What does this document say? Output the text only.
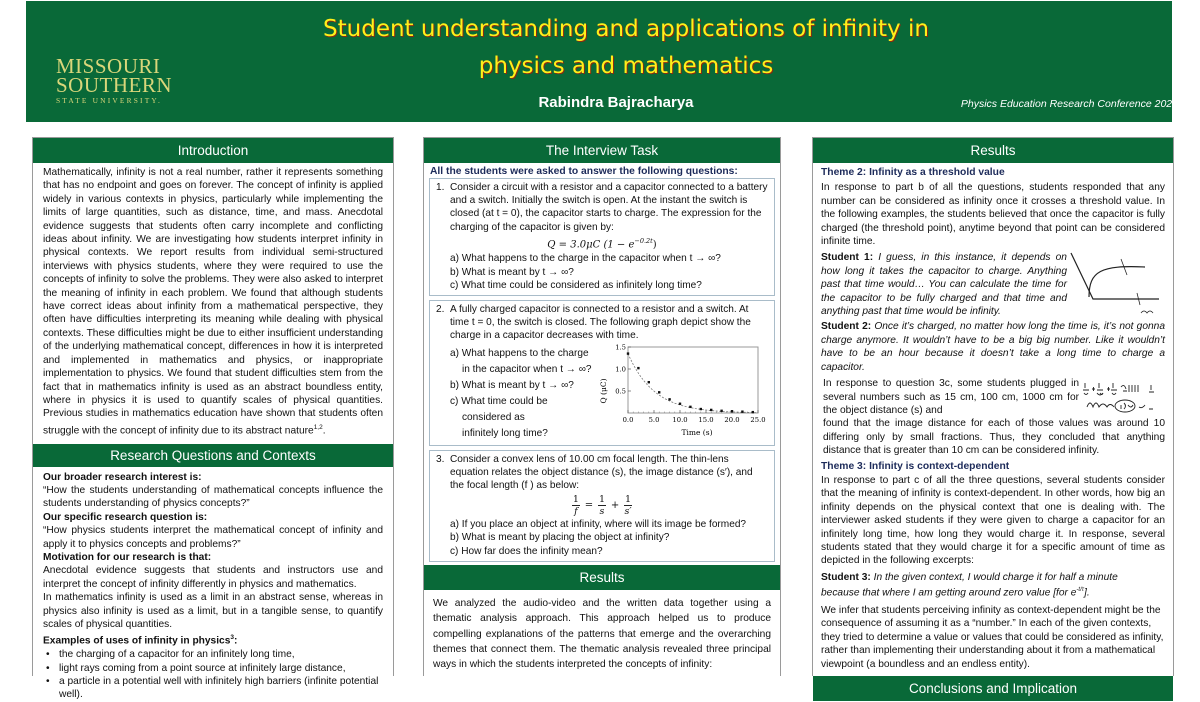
MISSOURI
SOUTHERN
STATE UNIVERSITY.
Student understanding and applications of infinity in
physics and mathematics
Rabindra Bajracharya	Physics Education Research Conference 2021
Introduction
Mathematically, infinity is not a real number, rather it represents something that has no endpoint and goes on forever. The concept of infinity is applied widely in various contexts in physics, particularly while implementing the limits of large quantities, such as distance, time, and mass. Anecdotal evidence suggests that students often carry incomplete and conflicting ideas about infinity. We are investigating how students interpret infinity in physical contexts. We report results from individual semi-structured interviews with physics students, where they were required to use the concepts of infinity to solve the problems. They were also asked to interpret the meaning of infinity in each problem. We found that although students have correct ideas about infinity from a mathematical perspective, they often have difficulties interpreting its meaning while dealing with physical contexts. These difficulties might be due to either insufficient understanding of the underlying mathematical concept, differences in how it is interpreted and implemented in mathematics and physics, or inappropriate implementation to physics. We found that student difficulties stem from the fact that in mathematics infinity is used as an abstract boundless entity, where in physics it is used to quantify scales of physical quantities. Previous studies in mathematics education have shown that students often struggle with the concept of infinity due to its abstract nature$^{1,2}$.
Research Questions and Contexts
Our broader research interest is:
“How the students understanding of mathematical concepts influence the students understanding of physics concepts?”
Our specific research question is:
“How physics students interpret the mathematical concept of infinity and apply it to physics concepts and problems?”
Motivation for our research is that:
Anecdotal evidence suggests that students and instructors use and interpret the concept of infinity differently in physics and mathematics.
In mathematics infinity is used as a limit in an abstract sense, whereas in physics also infinity is used as a limit, but in a tangible sense, to quantify scales of physical quantities.
Examples of uses of infinity in physics$^3$:
• the charging of a capacitor for an infinitely long time,
• light rays coming from a point source at infinitely large distance,
• a particle in a potential well with infinitely high barriers (infinite potential well).
The Interview Task
All the students were asked to answer the following questions:
1. Consider a circuit with a resistor and a capacitor connected to a battery and a switch. Initially the switch is open. At the instant the switch is closed (at t = 0), the capacitor starts to charge. The expression for the charging of the capacitor is given by:
Q = 3.0μC $(1 - e^{-0.2t})$
a) What happens to the charge in the capacitor when t → ∞?
b) What is meant by t → ∞?
c) What time could be considered as infinitely long time?
2. A fully charged capacitor is connected to a resistor and a switch. At time t = 0, the switch is closed. The following graph depict show the charge in a capacitor decreases with time.
a) What happens to the charge in the capacitor when t → ∞?
b) What is meant by t → ∞?
c) What time could be considered as infinitely long time?
Q (μC)
Time (s)
0.0 5.0 10.0 15.0 20.0 25.0
0.5
1.0
1.5
3. Consider a convex lens of 10.00 cm focal length. The thin-lens equation relates the object distance (s), the image distance (s′), and the focal length (f ) as below:
$\frac{1}{f} = \frac{1}{s} + \frac{1}{s'}$
a) If you place an object at infinity, where will its image be formed?
b) What is meant by placing the object at infinity?
c) How far does the infinity mean?
Results
We analyzed the audio-video and the written data together using a thematic analysis approach. This approach helped us to produce compelling explanations of the patterns that emerge and the overarching themes that connect them. The thematic analysis revealed three principal ways in which the students interpreted the concepts of infinity:
Results
Theme 2: Infinity as a threshold value
In response to part b of all the questions, students responded that any number can be considered as infinity once it crosses a threshold value. In the following examples, the students believed that once the capacitor is fully charged (the threshold point), anytime beyond that point can be considered infinite time.
Student 1: I guess, in this instance, it depends on how long it takes the capacitor to charge. Anything past that time would… You can calculate the time for the capacitor to be fully charged and that time and anything past that time would be infinity.
Student 2: Once it’s charged, no matter how long the time is, it’s not gonna charge anymore. It wouldn’t have to be a big big number. Like it wouldn’t have to be an hour because it doesn’t take a long time to charge a capacitor.
In response to question 3c, some students plugged in several numbers such as 15 cm, 100 cm, 1000 cm for the object distance (s) and
found that the image distance for each of those values was around 10 differing only by small fractions. Thus, they concluded that anything distance that is greater than 10 cm can be considered infinity.
Theme 3: Infinity is context-dependent
In response to part c of all the three questions, several students consider that the meaning of infinity is context-dependent. In other words, how big an infinity depends on the physical context that one is dealing with. The interviewer asked students if they were given to charge a capacitor for an infinitely long time, how long they would charge it. In response, several students stated that they would charge it for a specific amount of time as depicted in the following excerpts:
Student 3: In the given context, I would charge it for half a minute because that where I am getting around zero value [for $e^{-t/\tau}$].
We infer that students perceiving infinity as context-dependent might be the consequence of assuming it as a “number.” In each of the given contexts, they tried to determine a value or values that could be considered as infinity, rather than implementing their understanding about it from a mathematical viewpoint (a boundless and an endless entity).
Conclusions and Implication
